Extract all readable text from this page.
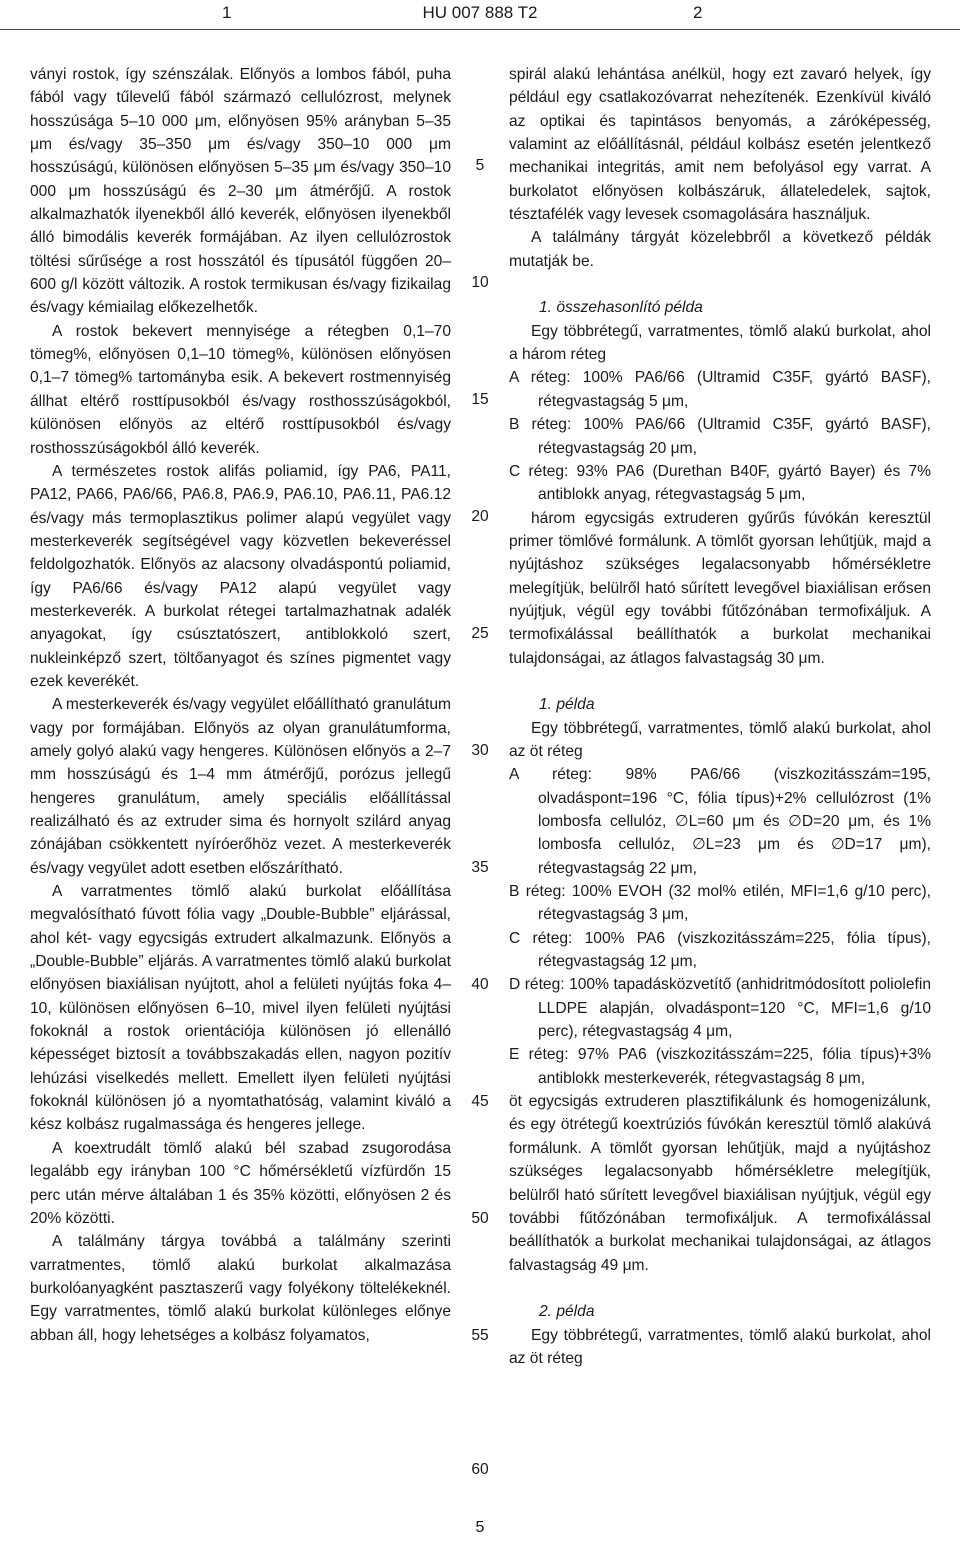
1	HU 007 888 T2	2

ványi rostok, így szénszálak. Előnyös a lombos fából, puha fából vagy tűlevelű fából származó cellulózrost, melynek hosszúsága 5–10 000 μm, előnyösen 95% arányban 5–35 μm és/vagy 35–350 μm és/vagy 350–10 000 μm hosszúságú, különösen előnyösen 5–35 μm és/vagy 350–10 000 μm hosszúságú és 2–30 μm átmérőjű. A rostok alkalmazhatók ilyenekből álló keverék, előnyösen ilyenekből álló bimodális keverék formájában. Az ilyen cellulózrostok töltési sűrűsége a rost hosszától és típusától függően 20–600 g/l között változik. A rostok termikusan és/vagy fizikailag és/vagy kémiailag előkezelhetők.

A rostok bekevert mennyisége a rétegben 0,1–70 tömeg%, előnyösen 0,1–10 tömeg%, különösen előnyösen 0,1–7 tömeg% tartományba esik. A bekevert rostmennyiség állhat eltérő rosttípusokból és/vagy rosthosszúságokból, különösen előnyös az eltérő rosttípusokból és/vagy rosthosszúságokból álló keverék.

A természetes rostok alifás poliamid, így PA6, PA11, PA12, PA66, PA6/66, PA6.8, PA6.9, PA6.10, PA6.11, PA6.12 és/vagy más termoplasztikus polimer alapú vegyület vagy mesterkeverék segítségével vagy közvetlen bekeveréssel feldolgozhatók. Előnyös az alacsony olvadáspontú poliamid, így PA6/66 és/vagy PA12 alapú vegyület vagy mesterkeverék. A burkolat rétegei tartalmazhatnak adalék anyagokat, így csúsztatószert, antiblokkoló szert, nukleinképző szert, töltőanyagot és színes pigmentet vagy ezek keverékét.

A mesterkeverék és/vagy vegyület előállítható granulátum vagy por formájában. Előnyös az olyan granulátumforma, amely golyó alakú vagy hengeres. Különösen előnyös a 2–7 mm hosszúságú és 1–4 mm átmérőjű, porózus jellegű hengeres granulátum, amely speciális előállítással realizálható és az extruder sima és hornyolt szilárd anyag zónájában csökkentett nyíróerőhöz vezet. A mesterkeverék és/vagy vegyület adott esetben előszárítható.

A varratmentes tömlő alakú burkolat előállítása megvalósítható fúvott fólia vagy „Double-Bubble” eljárással, ahol két- vagy egycsigás extrudert alkalmazunk. Előnyös a „Double-Bubble” eljárás. A varratmentes tömlő alakú burkolat előnyösen biaxiálisan nyújtott, ahol a felületi nyújtás foka 4–10, különösen előnyösen 6–10, mivel ilyen felületi nyújtási fokoknál a rostok orientációja különösen jó ellenálló képességet biztosít a továbbszakadás ellen, nagyon pozitív lehúzási viselkedés mellett. Emellett ilyen felületi nyújtási fokoknál különösen jó a nyomtathatóság, valamint kiváló a kész kolbász rugalmassága és hengeres jellege.

A koextrudált tömlő alakú bél szabad zsugorodása legalább egy irányban 100 °C hőmérsékletű vízfürdőn 15 perc után mérve általában 1 és 35% közötti, előnyösen 2 és 20% közötti.

A találmány tárgya továbbá a találmány szerinti varratmentes, tömlő alakú burkolat alkalmazása burkolóanyagként pasztaszerű vagy folyékony töltelékeknél. Egy varratmentes, tömlő alakú burkolat különleges előnye abban áll, hogy lehetséges a kolbász folyamatos,

spirál alakú lehántása anélkül, hogy ezt zavaró helyek, így például egy csatlakozóvarrat nehezítenék. Ezenkívül kiváló az optikai és tapintásos benyomás, a záróképesség, valamint az előállításnál, például kolbász esetén jelentkező mechanikai integritás, amit nem befolyásol egy varrat. A burkolatot előnyösen kolbászáruk, állateledelek, sajtok, tésztafélék vagy levesek csomagolására használjuk.

A találmány tárgyát közelebbről a következő példák mutatják be.

1. összehasonlító példa

Egy többrétegű, varratmentes, tömlő alakú burkolat, ahol a három réteg

A réteg: 100% PA6/66 (Ultramid C35F, gyártó BASF), rétegvastagság 5 μm,

B réteg: 100% PA6/66 (Ultramid C35F, gyártó BASF), rétegvastagság 20 μm,

C réteg: 93% PA6 (Durethan B40F, gyártó Bayer) és 7% antiblokk anyag, rétegvastagság 5 μm,

három egycsigás extruderen gyűrűs fúvókán keresztül primer tömlővé formálunk. A tömlőt gyorsan lehűtjük, majd a nyújtáshoz szükséges legalacsonyabb hőmérsékletre melegítjük, belülről ható sűrített levegővel biaxiálisan erősen nyújtjuk, végül egy további fűtőzónában termofixáljuk. A termofixálással beállíthatók a burkolat mechanikai tulajdonságai, az átlagos falvastagság 30 μm.

1. példa

Egy többrétegű, varratmentes, tömlő alakú burkolat, ahol az öt réteg

A réteg: 98% PA6/66 (viszkozitásszám=195, olvadáspont=196 °C, fólia típus)+2% cellulózrost (1% lombosfa cellulóz, ∅L=60 μm és ∅D=20 μm, és 1% lombosfa cellulóz, ∅L=23 μm és ∅D=17 μm), rétegvastagság 22 μm,

B réteg: 100% EVOH (32 mol% etilén, MFI=1,6 g/10 perc), rétegvastagság 3 μm,

C réteg: 100% PA6 (viszkozitásszám=225, fólia típus), rétegvastagság 12 μm,

D réteg: 100% tapadásközvetítő (anhidritmódosított poliolefin LLDPE alapján, olvadáspont=120 °C, MFI=1,6 g/10 perc), rétegvastagság 4 μm,

E réteg: 97% PA6 (viszkozitásszám=225, fólia típus)+3% antiblokk mesterkeverék, rétegvastagság 8 μm,

öt egycsigás extruderen plasztifikálunk és homogenizálunk, és egy ötrétegű koextrúziós fúvókán keresztül tömlő alakúvá formálunk. A tömlőt gyorsan lehűtjük, majd a nyújtáshoz szükséges legalacsonyabb hőmérsékletre melegítjük, belülről ható sűrített levegővel biaxiálisan nyújtjuk, végül egy további fűtőzónában termofixáljuk. A termofixálással beállíthatók a burkolat mechanikai tulajdonságai, az átlagos falvastagság 49 μm.

2. példa

Egy többrétegű, varratmentes, tömlő alakú burkolat, ahol az öt réteg

5
10
15
20
25
30
35
40
45
50
55
60
5
